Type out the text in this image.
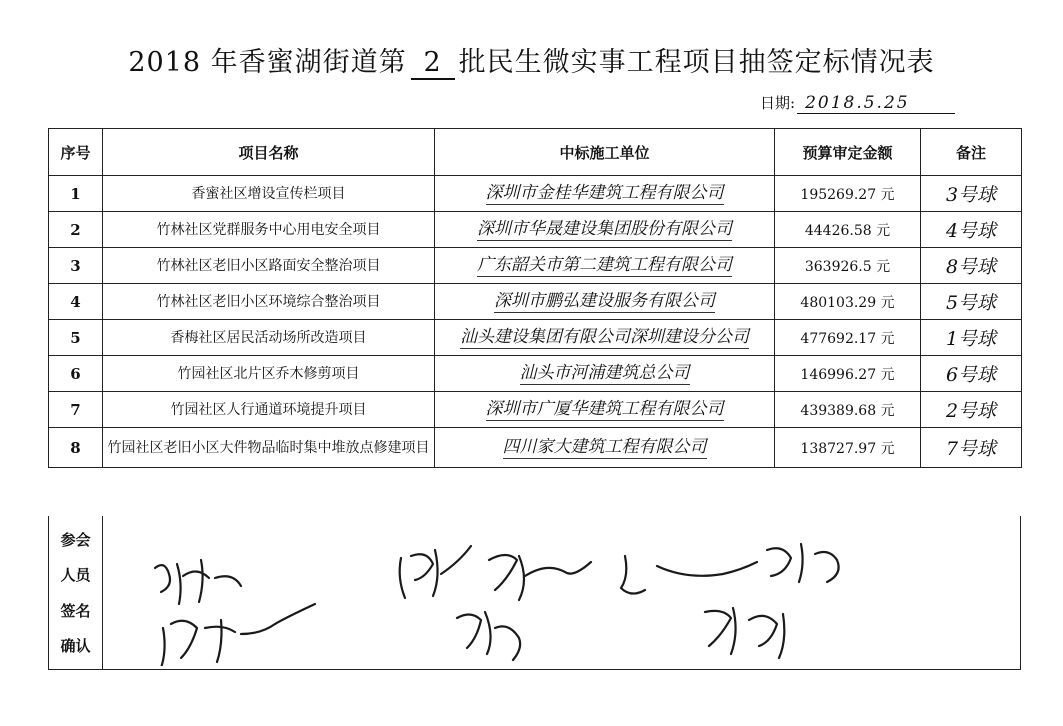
2018 年香蜜湖街道第 2 批民生微实事工程项目抽签定标情况表
日期: 2018.5.25
序号	项目名称	中标施工单位	预算审定金额	备注
1	香蜜社区增设宣传栏项目	深圳市金桂华建筑工程有限公司	195269.27 元	3号球
2	竹林社区党群服务中心用电安全项目	深圳市华晟建设集团股份有限公司	44426.58 元	4号球
3	竹林社区老旧小区路面安全整治项目	广东韶关市第二建筑工程有限公司	363926.5 元	8号球
4	竹林社区老旧小区环境综合整治项目	深圳市鹏弘建设服务有限公司	480103.29 元	5号球
5	香梅社区居民活动场所改造项目	汕头建设集团有限公司深圳建设分公司	477692.17 元	1号球
6	竹园社区北片区乔木修剪项目	汕头市河浦建筑总公司	146996.27 元	6号球
7	竹园社区人行通道环境提升项目	深圳市广厦华建筑工程有限公司	439389.68 元	2号球
8	竹园社区老旧小区大件物品临时集中堆放点修建项目	四川家大建筑工程有限公司	138727.97 元	7号球
参会
人员
签名
确认
